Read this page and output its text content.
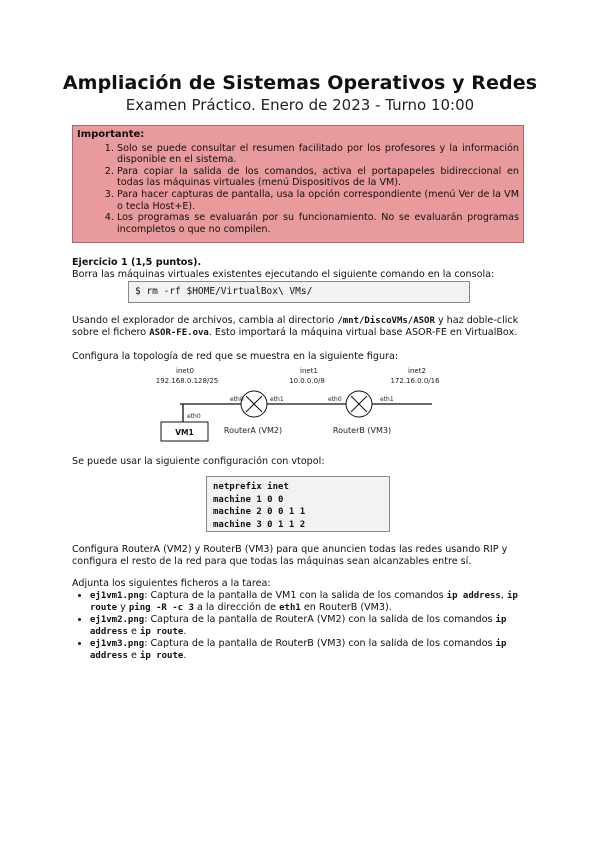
Ampliación de Sistemas Operativos y Redes
Examen Práctico. Enero de 2023 - Turno 10:00
Importante:
1. Solo se puede consultar el resumen facilitado por los profesores y la información disponible en el sistema.
2. Para copiar la salida de los comandos, activa el portapapeles bidireccional en todas las máquinas virtuales (menú Dispositivos de la VM).
3. Para hacer capturas de pantalla, usa la opción correspondiente (menú Ver de la VM o tecla Host+E).
4. Los programas se evaluarán por su funcionamiento. No se evaluarán programas incompletos o que no compilen.
Ejercicio 1 (1,5 puntos).
Borra las máquinas virtuales existentes ejecutando el siguiente comando en la consola:
$ rm -rf $HOME/VirtualBox\ VMs/
Usando el explorador de archivos, cambia al directorio /mnt/DiscoVMs/ASOR y haz doble-click sobre el fichero ASOR-FE.ova. Esto importará la máquina virtual base ASOR-FE en VirtualBox.
Configura la topología de red que se muestra en la siguiente figura:
inet0
192.168.0.128/25
inet1
10.0.0.0/8
inet2
172.16.0.0/16
eth0
VM1
eth0	eth1
RouterA (VM2)
eth0	eth1
RouterB (VM3)
Se puede usar la siguiente configuración con vtopol:
netprefix inet
machine 1 0 0
machine 2 0 0 1 1
machine 3 0 1 1 2
Configura RouterA (VM2) y RouterB (VM3) para que anuncien todas las redes usando RIP y configura el resto de la red para que todas las máquinas sean alcanzables entre sí.
Adjunta los siguientes ficheros a la tarea:
• ej1vm1.png: Captura de la pantalla de VM1 con la salida de los comandos ip address, ip route y ping -R -c 3 a la dirección de eth1 en RouterB (VM3).
• ej1vm2.png: Captura de la pantalla de RouterA (VM2) con la salida de los comandos ip address e ip route.
• ej1vm3.png: Captura de la pantalla de RouterB (VM3) con la salida de los comandos ip address e ip route.
